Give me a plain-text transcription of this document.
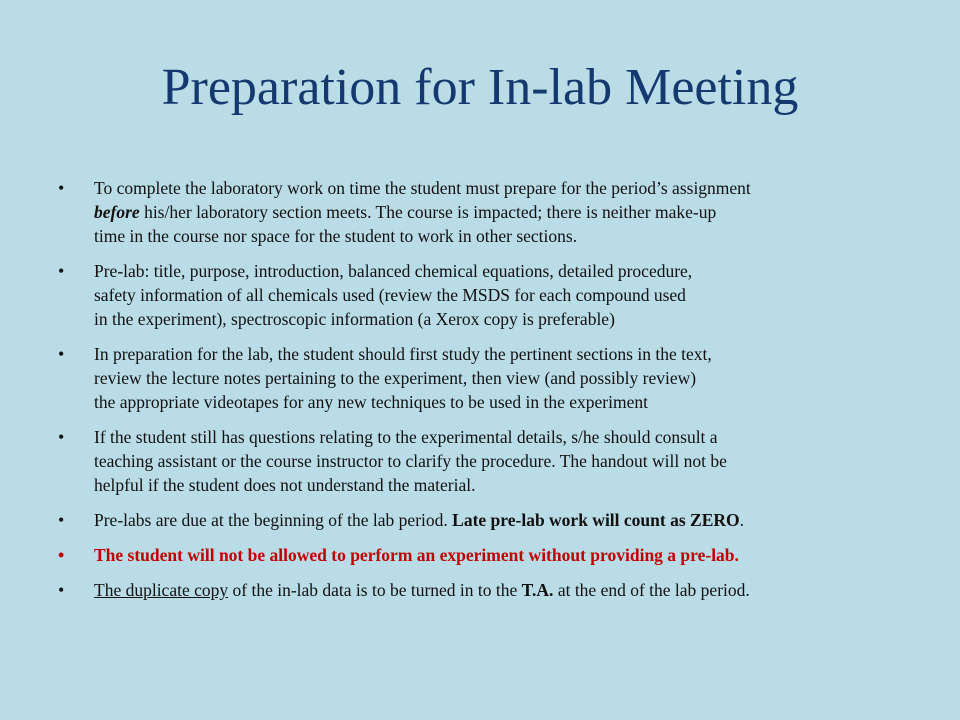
Preparation for In-lab Meeting
• To complete the laboratory work on time the student must prepare for the period’s assignment
before his/her laboratory section meets. The course is impacted; there is neither make-up
time in the course nor space for the student to work in other sections.
• Pre-lab: title, purpose, introduction, balanced chemical equations, detailed procedure,
safety information of all chemicals used (review the MSDS for each compound used
in the experiment), spectroscopic information (a Xerox copy is preferable)
• In preparation for the lab, the student should first study the pertinent sections in the text,
review the lecture notes pertaining to the experiment, then view (and possibly review)
the appropriate videotapes for any new techniques to be used in the experiment
• If the student still has questions relating to the experimental details, s/he should consult a
teaching assistant or the course instructor to clarify the procedure. The handout will not be
helpful if the student does not understand the material.
• Pre-labs are due at the beginning of the lab period. Late pre-lab work will count as ZERO.
• The student will not be allowed to perform an experiment without providing a pre-lab.
• The duplicate copy of the in-lab data is to be turned in to the T.A. at the end of the lab period.
